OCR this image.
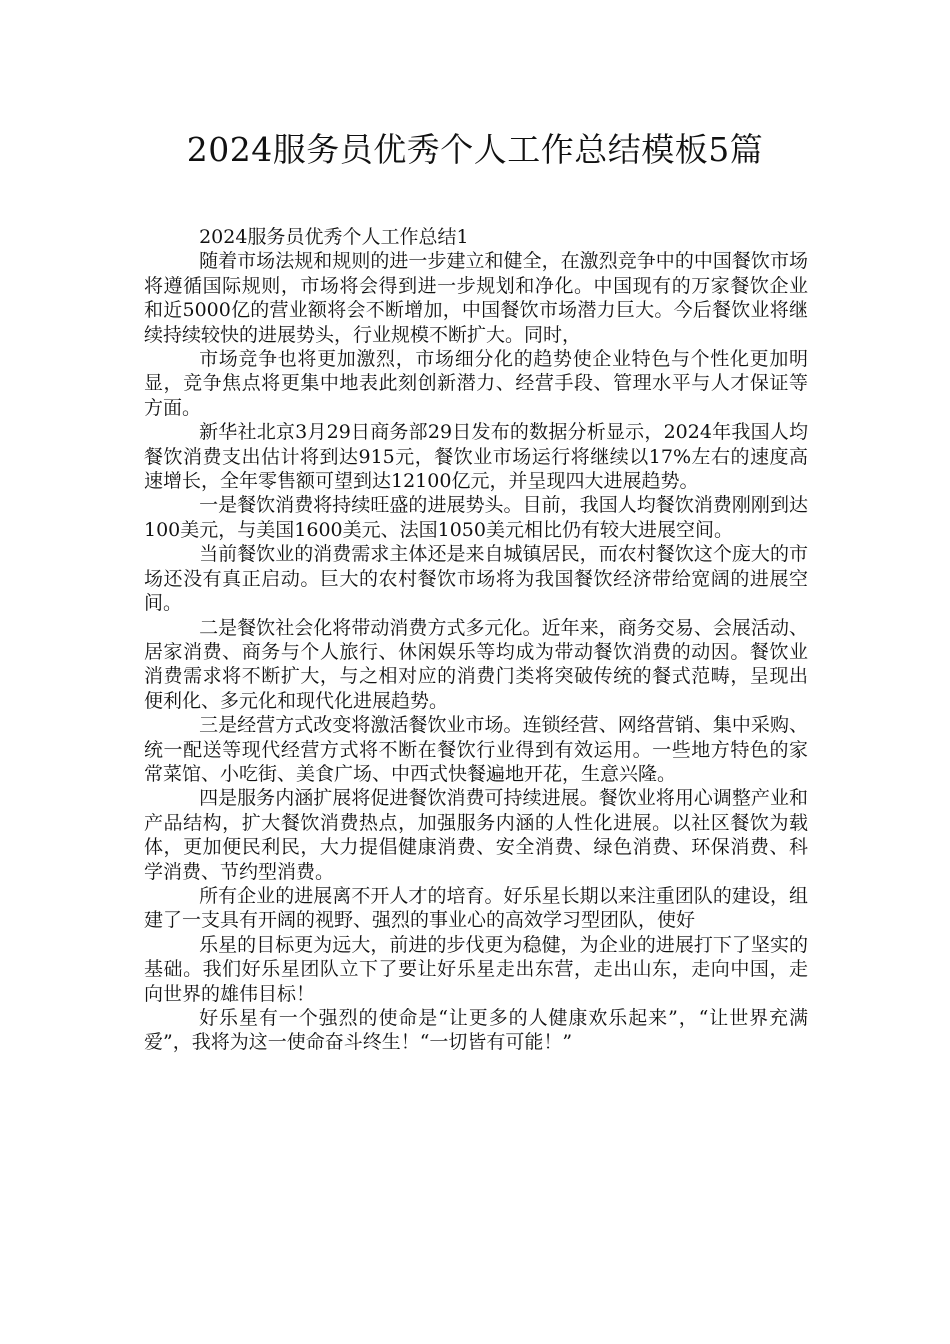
2024服务员优秀个人工作总结模板5篇

2024服务员优秀个人工作总结1

随着市场法规和规则的进一步建立和健全，在激烈竞争中的中国餐饮市场将遵循国际规则，市场将会得到进一步规划和净化。中国现有的万家餐饮企业和近5000亿的营业额将会不断增加，中国餐饮市场潜力巨大。今后餐饮业将继续持续较快的进展势头，行业规模不断扩大。同时，

市场竞争也将更加激烈，市场细分化的趋势使企业特色与个性化更加明显，竞争焦点将更集中地表此刻创新潜力、经营手段、管理水平与人才保证等方面。

新华社北京3月29日商务部29日发布的数据分析显示，2024年我国人均餐饮消费支出估计将到达915元，餐饮业市场运行将继续以17%左右的速度高速增长，全年零售额可望到达12100亿元，并呈现四大进展趋势。

一是餐饮消费将持续旺盛的进展势头。目前，我国人均餐饮消费刚刚到达100美元，与美国1600美元、法国1050美元相比仍有较大进展空间。

当前餐饮业的消费需求主体还是来自城镇居民，而农村餐饮这个庞大的市场还没有真正启动。巨大的农村餐饮市场将为我国餐饮经济带给宽阔的进展空间。

二是餐饮社会化将带动消费方式多元化。近年来，商务交易、会展活动、居家消费、商务与个人旅行、休闲娱乐等均成为带动餐饮消费的动因。餐饮业消费需求将不断扩大，与之相对应的消费门类将突破传统的餐式范畴，呈现出便利化、多元化和现代化进展趋势。

三是经营方式改变将激活餐饮业市场。连锁经营、网络营销、集中采购、统一配送等现代经营方式将不断在餐饮行业得到有效运用。一些地方特色的家常菜馆、小吃街、美食广场、中西式快餐遍地开花，生意兴隆。

四是服务内涵扩展将促进餐饮消费可持续进展。餐饮业将用心调整产业和产品结构，扩大餐饮消费热点，加强服务内涵的人性化进展。以社区餐饮为载体，更加便民利民，大力提倡健康消费、安全消费、绿色消费、环保消费、科学消费、节约型消费。

所有企业的进展离不开人才的培育。好乐星长期以来注重团队的建设，组建了一支具有开阔的视野、强烈的事业心的高效学习型团队，使好

乐星的目标更为远大，前进的步伐更为稳健，为企业的进展打下了坚实的基础。我们好乐星团队立下了要让好乐星走出东营，走出山东，走向中国，走向世界的雄伟目标！

好乐星有一个强烈的使命是“让更多的人健康欢乐起来”，“让世界充满爱”，我将为这一使命奋斗终生！“一切皆有可能！”
